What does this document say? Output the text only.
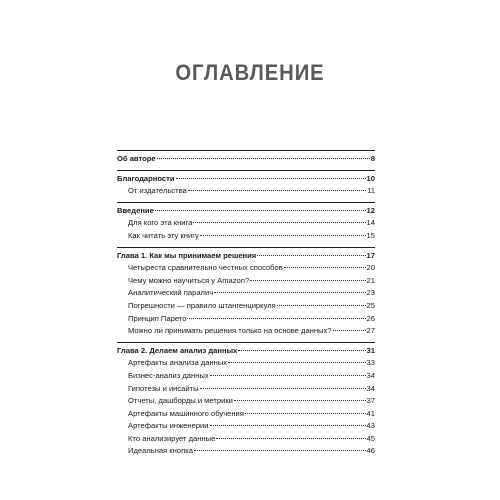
ОГЛАВЛЕНИЕ
Об авторе	8
Благодарности	10
От издательства	11
Введение	12
Для кого эта книга	14
Как читать эту книгу	15
Глава 1. Как мы принимаем решения	17
Четыреста сравнительно честных способов	20
Чему можно научиться у Amazon?	21
Аналитический паралич	23
Погрешности — правило штангенциркуля	25
Принцип Парето	26
Можно ли принимать решения только на основе данных?	27
Глава 2. Делаем анализ данных	31
Артефакты анализа данных	33
Бизнес-анализ данных	34
Гипотезы и инсайты	34
Отчеты, дашборды и метрики	37
Артефакты машинного обучения	41
Артефакты инженерии	43
Кто анализирует данные	45
Идеальная кнопка	46
